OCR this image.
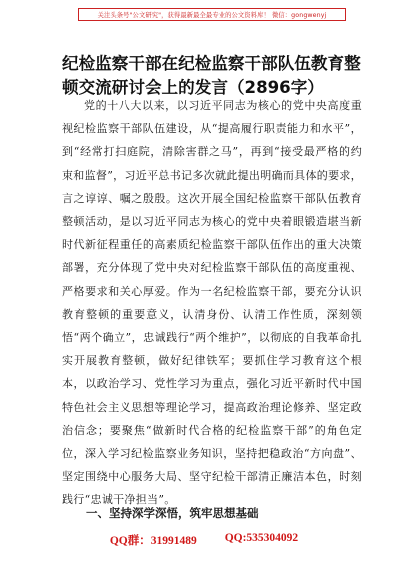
关注头条号"公文研究"，获得最新最全最专业的公文资料库！ 微信：gongwenyj
纪检监察干部在纪检监察干部队伍教育整顿交流研讨会上的发言（2896字）

党的十八大以来，以习近平同志为核心的党中央高度重视纪检监察干部队伍建设，从“提高履行职责能力和水平”，到“经常打扫庭院，清除害群之马”，再到“接受最严格的约束和监督”，习近平总书记多次就此提出明确而具体的要求，言之谆谆、嘱之殷殷。这次开展全国纪检监察干部队伍教育整顿活动，是以习近平同志为核心的党中央着眼锻造堪当新时代新征程重任的高素质纪检监察干部队伍作出的重大决策部署，充分体现了党中央对纪检监察干部队伍的高度重视、严格要求和关心厚爱。作为一名纪检监察干部，要充分认识教育整顿的重要意义，认清身份、认清工作性质，深刻领悟“两个确立”，忠诚践行“两个维护”，以彻底的自我革命扎实开展教育整顿，做好纪律铁军；要抓住学习教育这个根本，以政治学习、党性学习为重点，强化习近平新时代中国特色社会主义思想等理论学习，提高政治理论修养、坚定政治信念；要聚焦“做新时代合格的纪检监察干部”的角色定位，深入学习纪检监察业务知识，坚持把稳政治“方向盘”、坚定围绕中心服务大局、坚守纪检干部清正廉洁本色，时刻践行“忠诚干净担当”。

一、坚持深学深悟，筑牢思想基础
QQ群：31991489 QQ:535304092
